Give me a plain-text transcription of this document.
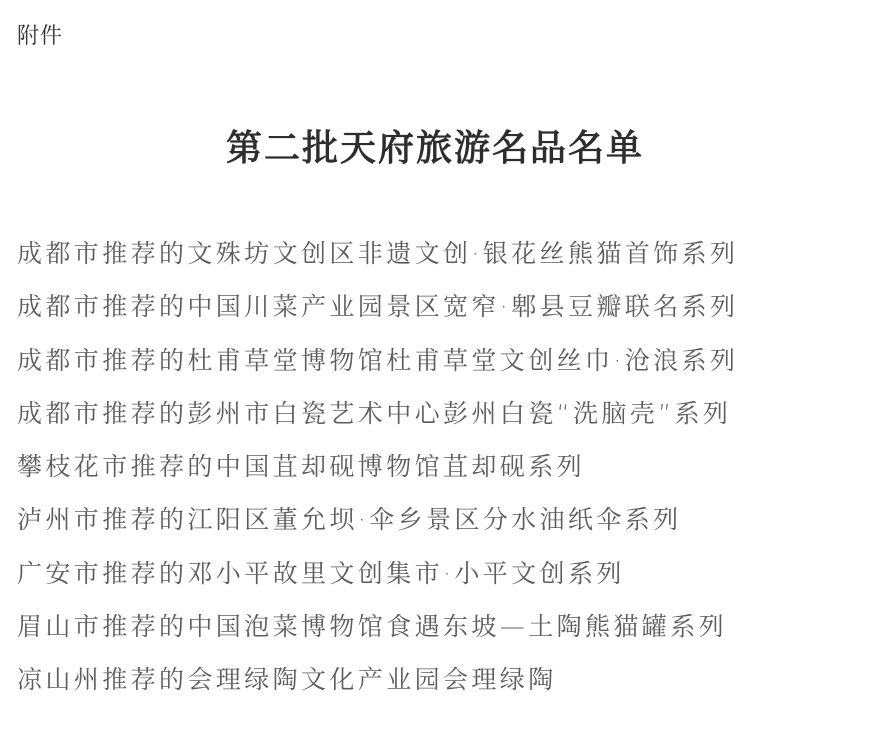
附件
第二批天府旅游名品名单
成都市推荐的文殊坊文创区非遗文创·银花丝熊猫首饰系列
成都市推荐的中国川菜产业园景区宽窄·郫县豆瓣联名系列
成都市推荐的杜甫草堂博物馆杜甫草堂文创丝巾·沧浪系列
成都市推荐的彭州市白瓷艺术中心彭州白瓷“洗脑壳”系列
攀枝花市推荐的中国苴却砚博物馆苴却砚系列
泸州市推荐的江阳区董允坝·伞乡景区分水油纸伞系列
广安市推荐的邓小平故里文创集市·小平文创系列
眉山市推荐的中国泡菜博物馆食遇东坡—土陶熊猫罐系列
凉山州推荐的会理绿陶文化产业园会理绿陶
